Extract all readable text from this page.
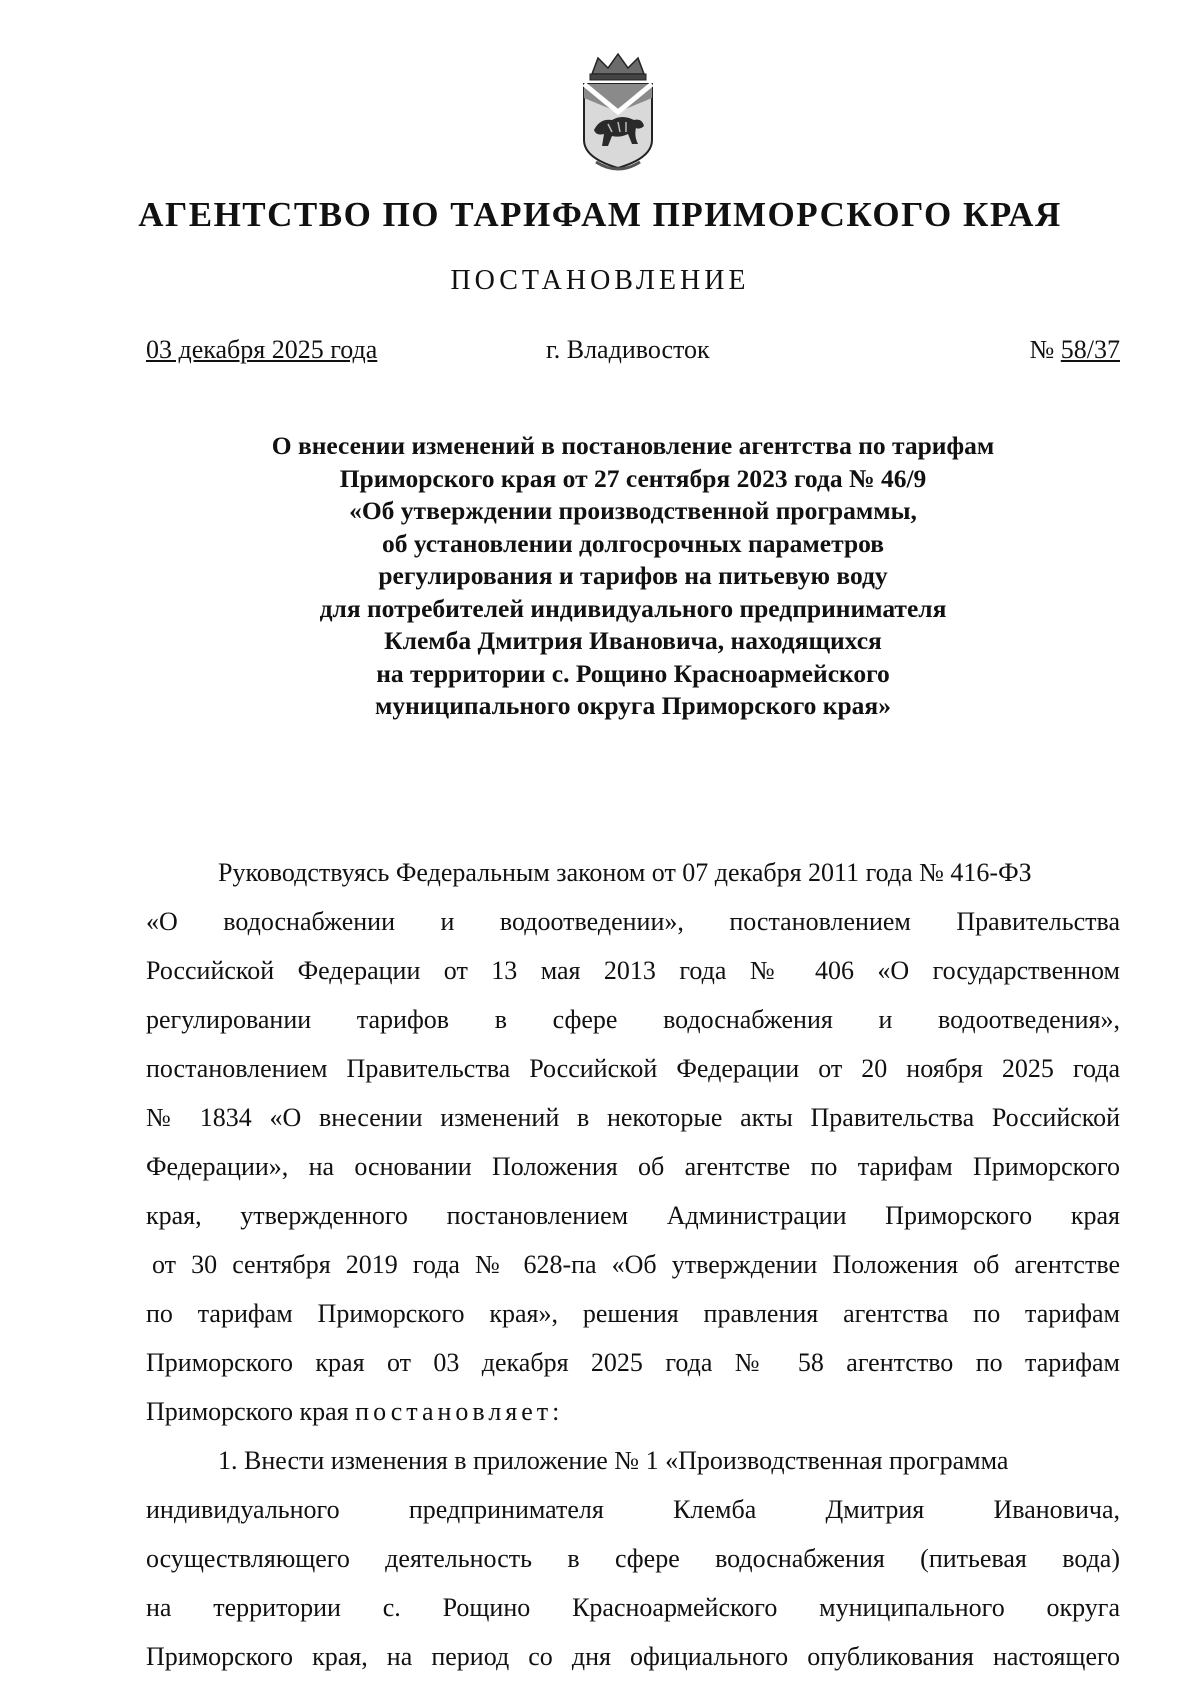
АГЕНТСТВО ПО ТАРИФАМ ПРИМОРСКОГО КРАЯ
ПОСТАНОВЛЕНИЕ
03 декабря 2025 года	г. Владивосток	№ 58/37
О внесении изменений в постановление агентства по тарифам
Приморского края от 27 сентября 2023 года № 46/9
«Об утверждении производственной программы,
об установлении долгосрочных параметров
регулирования и тарифов на питьевую воду
для потребителей индивидуального предпринимателя
Клемба Дмитрия Ивановича, находящихся
на территории с. Рощино Красноармейского
муниципального округа Приморского края»
Руководствуясь Федеральным законом от 07 декабря 2011 года № 416-ФЗ
«О водоснабжении и водоотведении», постановлением Правительства
Российской Федерации от 13 мая 2013 года № 406 «О государственном
регулировании тарифов в сфере водоснабжения и водоотведения»,
постановлением Правительства Российской Федерации от 20 ноября 2025 года
№ 1834 «О внесении изменений в некоторые акты Правительства Российской
Федерации», на основании Положения об агентстве по тарифам Приморского
края, утвержденного постановлением Администрации Приморского края
от 30 сентября 2019 года № 628-па «Об утверждении Положения об агентстве
по тарифам Приморского края», решения правления агентства по тарифам
Приморского края от 03 декабря 2025 года № 58 агентство по тарифам
Приморского края постановляет:
1. Внести изменения в приложение № 1 «Производственная программа
индивидуального предпринимателя Клемба Дмитрия Ивановича,
осуществляющего деятельность в сфере водоснабжения (питьевая вода)
на территории с. Рощино Красноармейского муниципального округа
Приморского края, на период со дня официального опубликования настоящего
